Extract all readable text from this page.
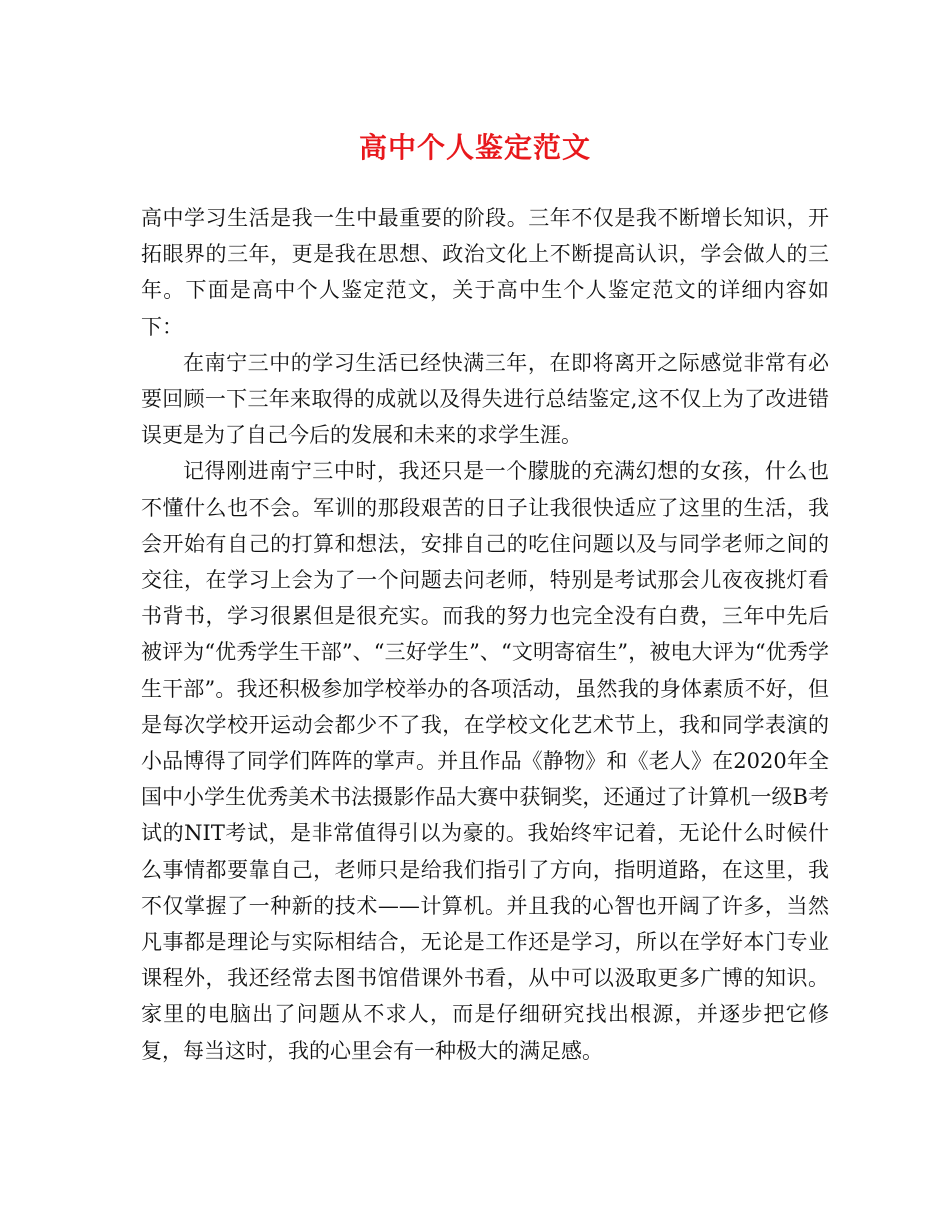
高中个人鉴定范文

高中学习生活是我一生中最重要的阶段。三年不仅是我不断增长知识，开拓眼界的三年，更是我在思想、政治文化上不断提高认识，学会做人的三年。下面是高中个人鉴定范文，关于高中生个人鉴定范文的详细内容如下：

在南宁三中的学习生活已经快满三年，在即将离开之际感觉非常有必要回顾一下三年来取得的成就以及得失进行总结鉴定,这不仅上为了改进错误更是为了自己今后的发展和未来的求学生涯。

记得刚进南宁三中时，我还只是一个朦胧的充满幻想的女孩，什么也不懂什么也不会。军训的那段艰苦的日子让我很快适应了这里的生活，我会开始有自己的打算和想法，安排自己的吃住问题以及与同学老师之间的交往，在学习上会为了一个问题去问老师，特别是考试那会儿夜夜挑灯看书背书，学习很累但是很充实。而我的努力也完全没有白费，三年中先后被评为“优秀学生干部”、“三好学生”、“文明寄宿生”，被电大评为“优秀学生干部”。我还积极参加学校举办的各项活动，虽然我的身体素质不好，但是每次学校开运动会都少不了我，在学校文化艺术节上，我和同学表演的小品博得了同学们阵阵的掌声。并且作品《静物》和《老人》在2020年全国中小学生优秀美术书法摄影作品大赛中获铜奖，还通过了计算机一级B考试的NIT考试，是非常值得引以为豪的。我始终牢记着，无论什么时候什么事情都要靠自己，老师只是给我们指引了方向，指明道路，在这里，我不仅掌握了一种新的技术——计算机。并且我的心智也开阔了许多，当然凡事都是理论与实际相结合，无论是工作还是学习，所以在学好本门专业课程外，我还经常去图书馆借课外书看，从中可以汲取更多广博的知识。家里的电脑出了问题从不求人，而是仔细研究找出根源，并逐步把它修复，每当这时，我的心里会有一种极大的满足感。
